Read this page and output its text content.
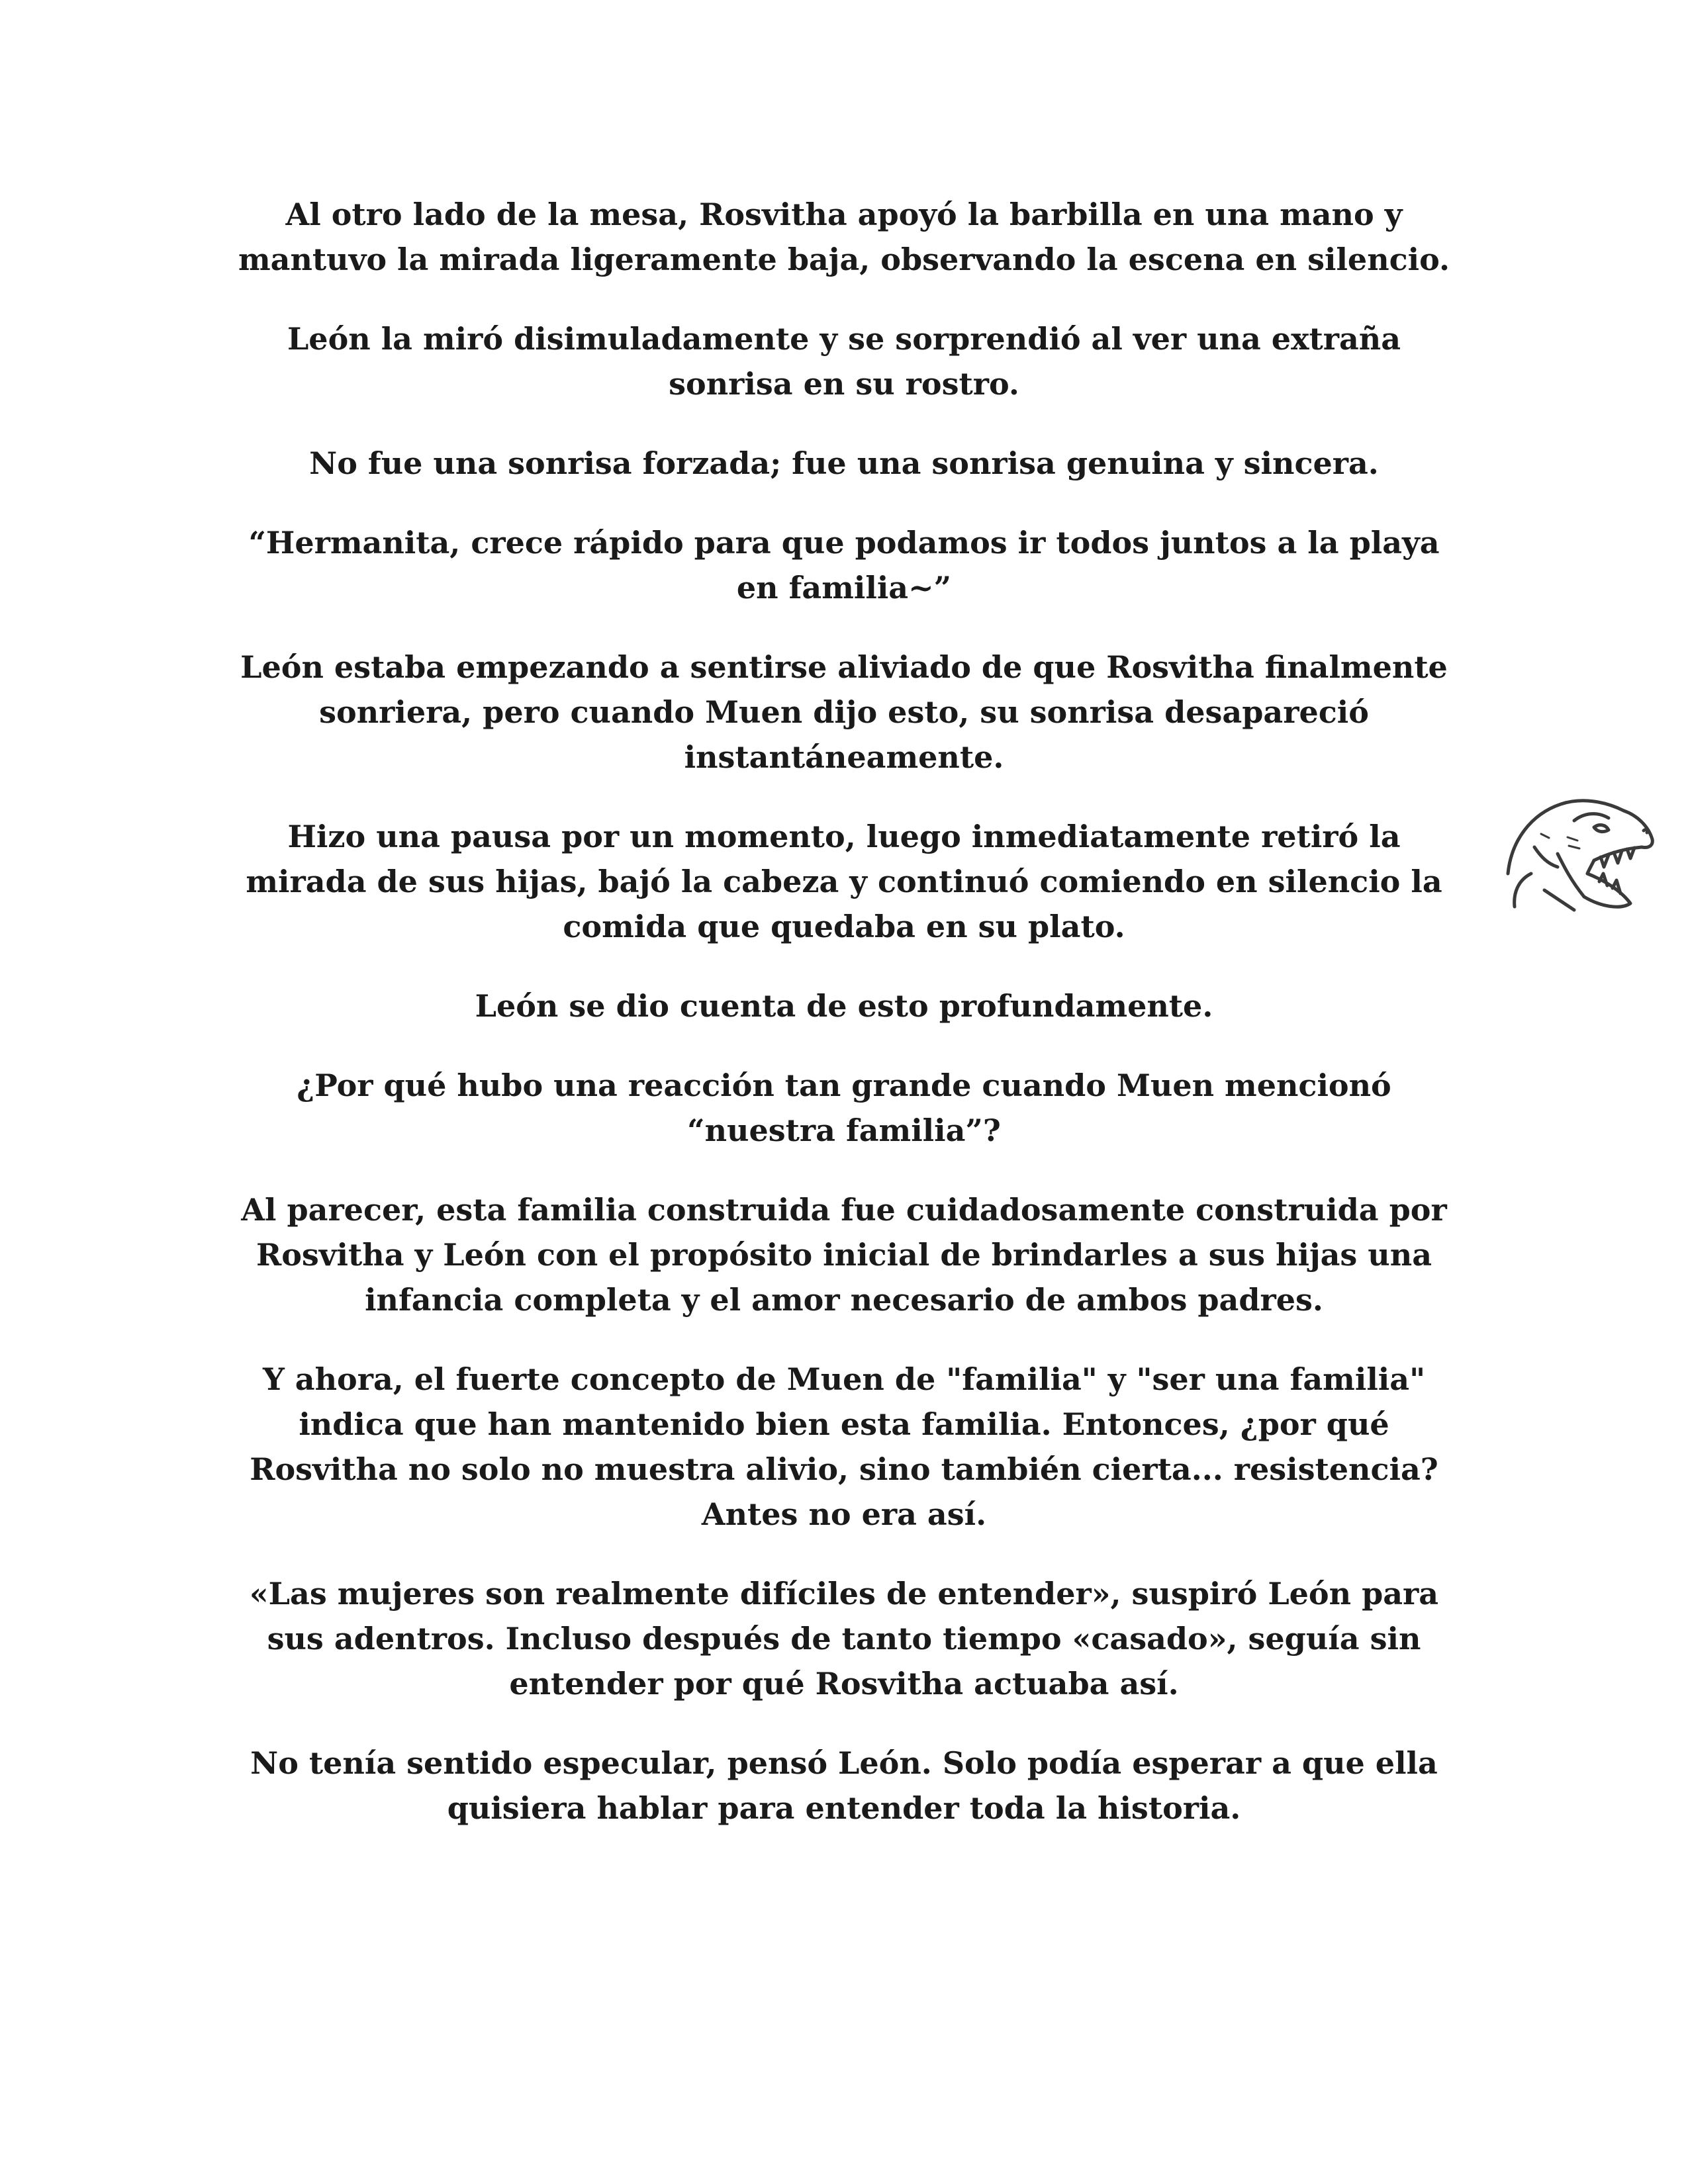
Al otro lado de la mesa, Rosvitha apoyó la barbilla en una mano y mantuvo la mirada ligeramente baja, observando la escena en silencio.

León la miró disimuladamente y se sorprendió al ver una extraña sonrisa en su rostro.

No fue una sonrisa forzada; fue una sonrisa genuina y sincera.

“Hermanita, crece rápido para que podamos ir todos juntos a la playa en familia~”

León estaba empezando a sentirse aliviado de que Rosvitha finalmente sonriera, pero cuando Muen dijo esto, su sonrisa desapareció instantáneamente.

Hizo una pausa por un momento, luego inmediatamente retiró la mirada de sus hijas, bajó la cabeza y continuó comiendo en silencio la comida que quedaba en su plato.

León se dio cuenta de esto profundamente.

¿Por qué hubo una reacción tan grande cuando Muen mencionó “nuestra familia”?

Al parecer, esta familia construida fue cuidadosamente construida por Rosvitha y León con el propósito inicial de brindarles a sus hijas una infancia completa y el amor necesario de ambos padres.

Y ahora, el fuerte concepto de Muen de "familia" y "ser una familia" indica que han mantenido bien esta familia. Entonces, ¿por qué Rosvitha no solo no muestra alivio, sino también cierta... resistencia? Antes no era así.

«Las mujeres son realmente difíciles de entender», suspiró León para sus adentros. Incluso después de tanto tiempo «casado», seguía sin entender por qué Rosvitha actuaba así.

No tenía sentido especular, pensó León. Solo podía esperar a que ella quisiera hablar para entender toda la historia.
